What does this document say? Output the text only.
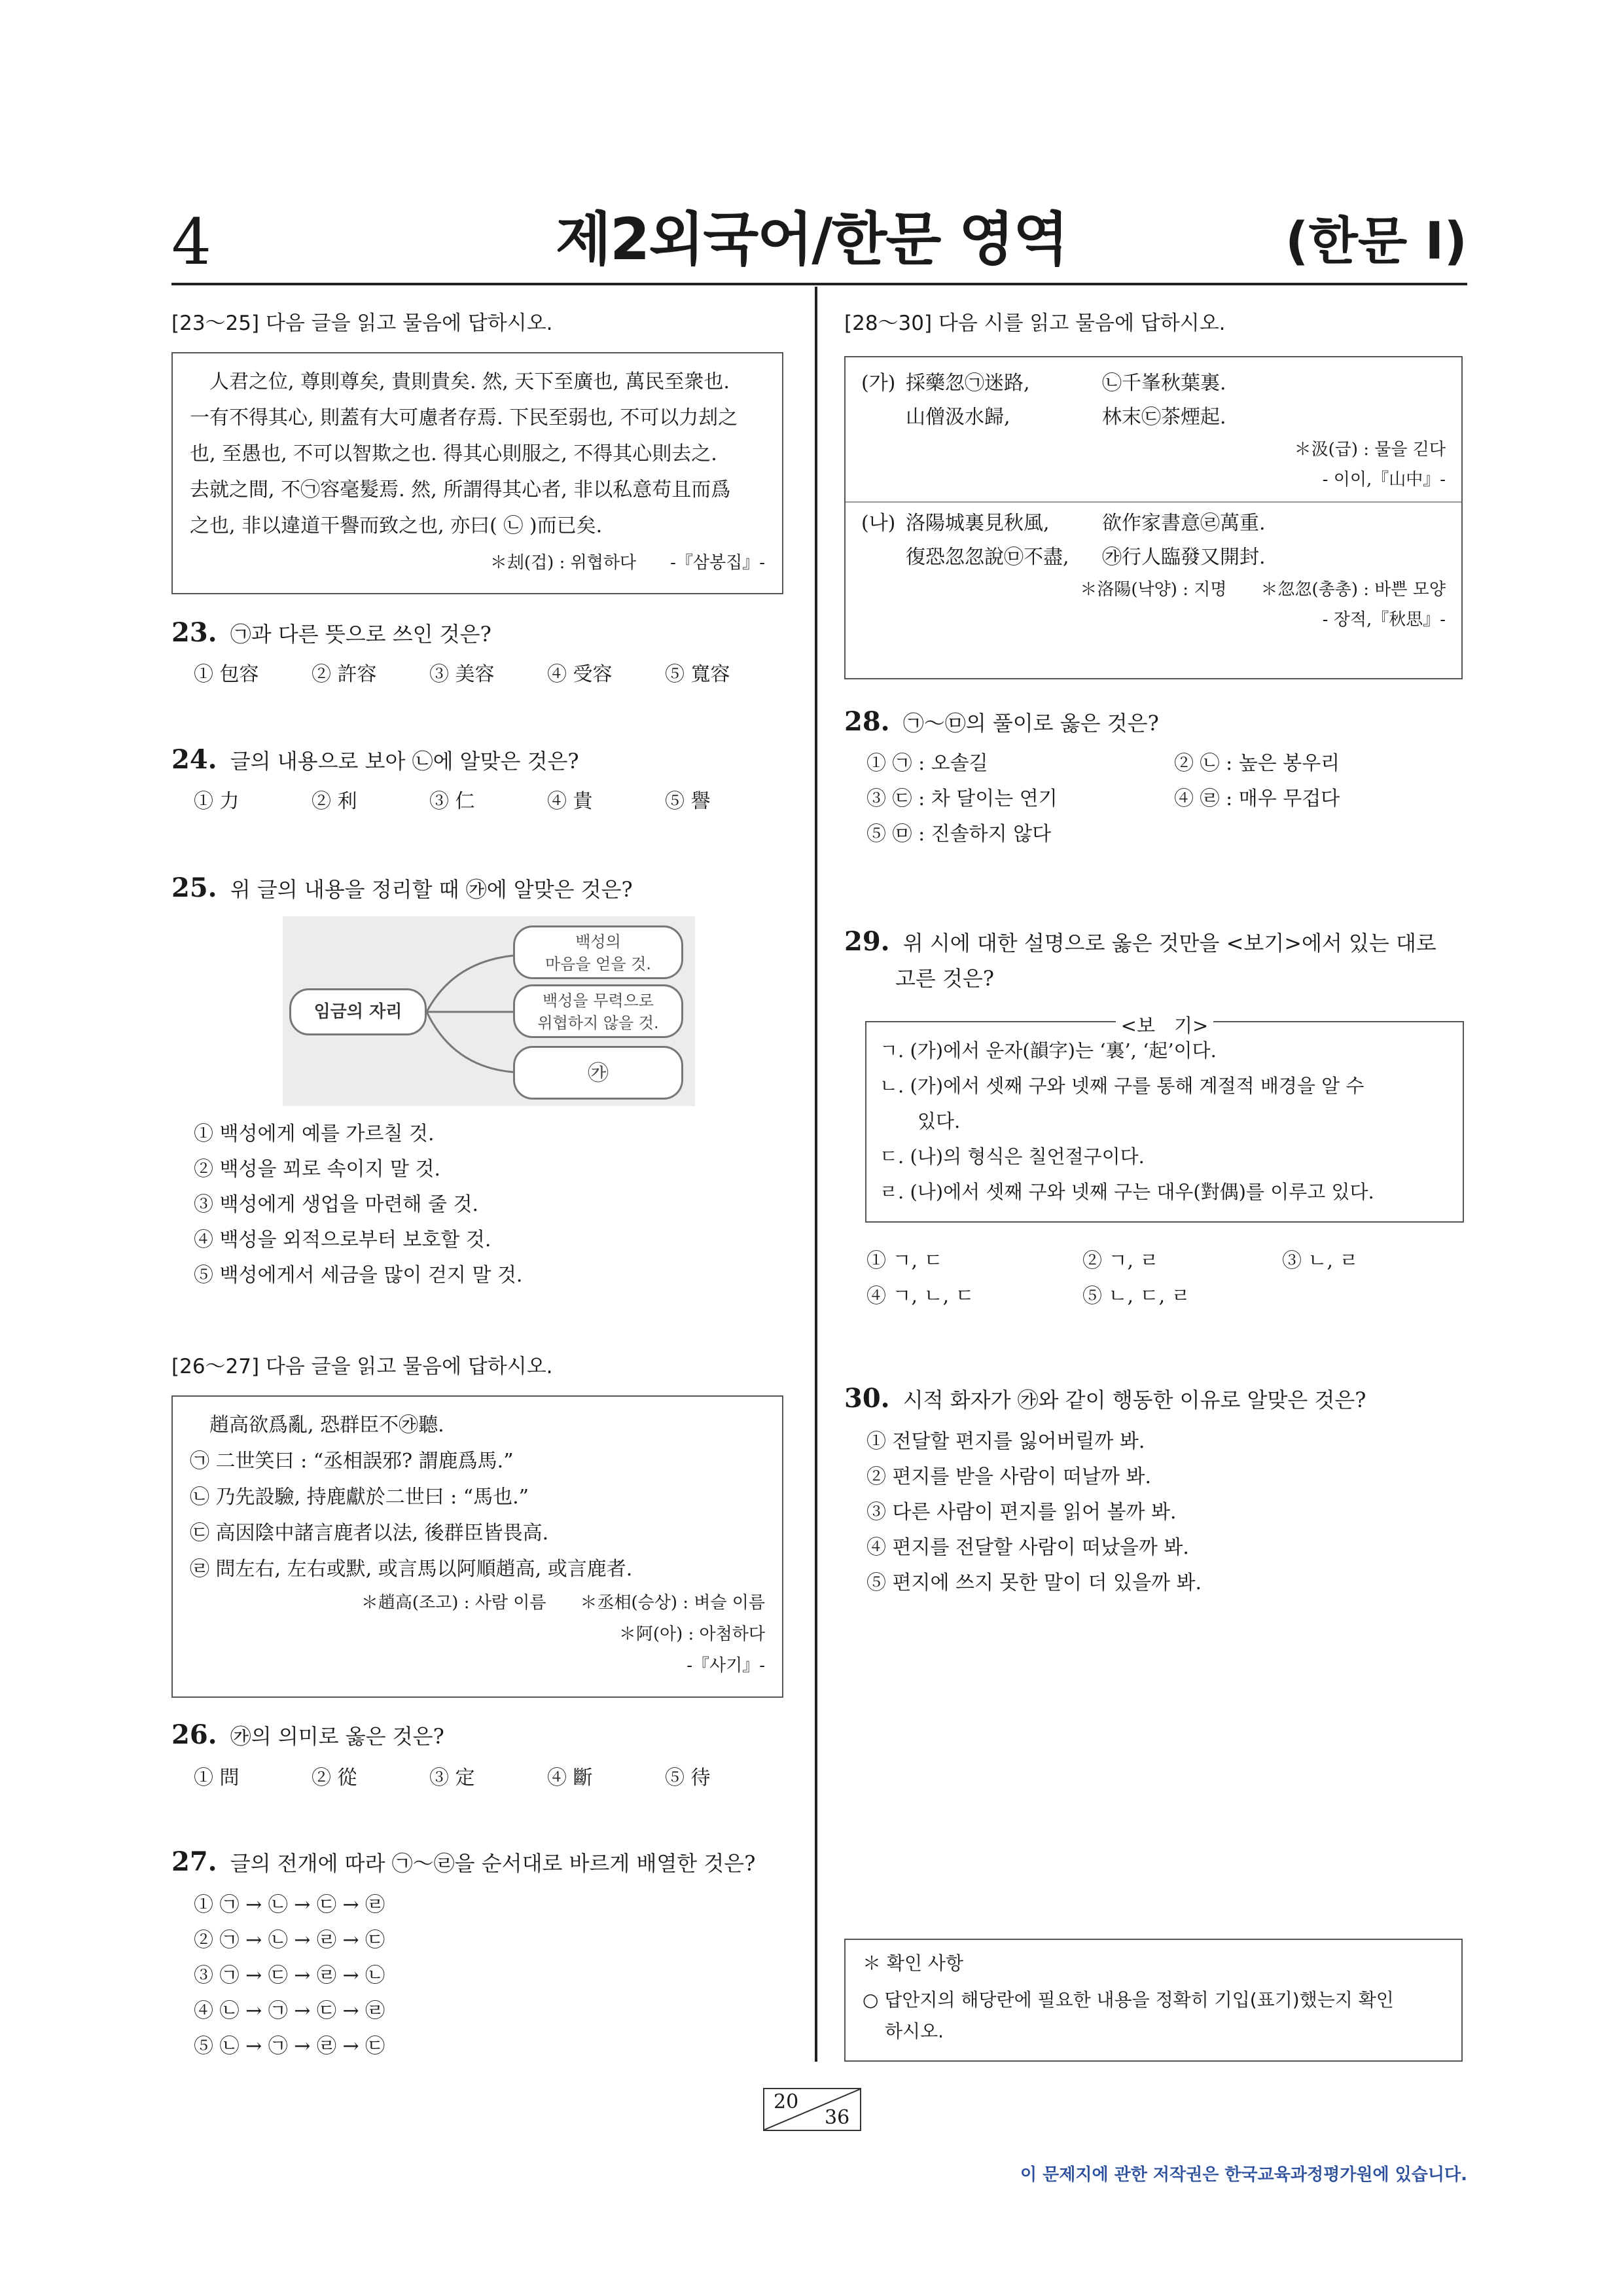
4	제2외국어/한문 영역	(한문 I)
[23～25] 다음 글을 읽고 물음에 답하시오.
　人君之位, 尊則尊矣, 貴則貴矣. 然, 天下至廣也, 萬民至衆也.
一有不得其心, 則蓋有大可慮者存焉. 下民至弱也, 不可以力刦之
也, 至愚也, 不可以智欺之也. 得其心則服之, 不得其心則去之.
去就之間, 不㉠容毫髮焉. 然, 所謂得其心者, 非以私意苟且而爲
之也, 非以違道干譽而致之也, 亦曰( ㉡ )而已矣.
＊刦(겁) : 위협하다　　-『삼봉집』-
23. ㉠과 다른 뜻으로 쓰인 것은?
① 包容	② 許容	③ 美容	④ 受容	⑤ 寬容
24. 글의 내용으로 보아 ㉡에 알맞은 것은?
① 力	② 利	③ 仁	④ 貴	⑤ 譽
25. 위 글의 내용을 정리할 때 ㉮에 알맞은 것은?
임금의 자리
백성의
마음을 얻을 것.
백성을 무력으로
위협하지 않을 것.
㉮
① 백성에게 예를 가르칠 것.
② 백성을 꾀로 속이지 말 것.
③ 백성에게 생업을 마련해 줄 것.
④ 백성을 외적으로부터 보호할 것.
⑤ 백성에게서 세금을 많이 걷지 말 것.
[26～27] 다음 글을 읽고 물음에 답하시오.
　趙高欲爲亂, 恐群臣不㉮聽.
㉠ 二世笑曰 : “丞相誤邪? 謂鹿爲馬.”
㉡ 乃先設驗, 持鹿獻於二世曰 : “馬也.”
㉢ 高因陰中諸言鹿者以法, 後群臣皆畏高.
㉣ 問左右, 左右或默, 或言馬以阿順趙高, 或言鹿者.
＊趙高(조고) : 사람 이름　　＊丞相(승상) : 벼슬 이름
＊阿(아) : 아첨하다
-『사기』-
26. ㉮의 의미로 옳은 것은?
① 問	② 從	③ 定	④ 斷	⑤ 待
27. 글의 전개에 따라 ㉠～㉣을 순서대로 바르게 배열한 것은?
① ㉠ → ㉡ → ㉢ → ㉣
② ㉠ → ㉡ → ㉣ → ㉢
③ ㉠ → ㉢ → ㉣ → ㉡
④ ㉡ → ㉠ → ㉢ → ㉣
⑤ ㉡ → ㉠ → ㉣ → ㉢
[28～30] 다음 시를 읽고 물음에 답하시오.
(가) 採藥忽㉠迷路,	㉡千峯秋葉裏.
山僧汲水歸,	林末㉢茶煙起.
＊汲(급) : 물을 긷다
- 이이,『山中』-
(나) 洛陽城裏見秋風,	欲作家書意㉣萬重.
復恐忽忽說㉤不盡,	㉮行人臨發又開封.
＊洛陽(낙양) : 지명　　＊忽忽(총총) : 바쁜 모양
- 장적,『秋思』-
28. ㉠～㉤의 풀이로 옳은 것은?
① ㉠ : 오솔길	② ㉡ : 높은 봉우리
③ ㉢ : 차 달이는 연기	④ ㉣ : 매우 무겁다
⑤ ㉤ : 진솔하지 않다
29. 위 시에 대한 설명으로 옳은 것만을 <보기>에서 있는 대로
고른 것은?
<보　기>
ㄱ. (가)에서 운자(韻字)는 ‘裏’, ‘起’이다.
ㄴ. (가)에서 셋째 구와 넷째 구를 통해 계절적 배경을 알 수
　　있다.
ㄷ. (나)의 형식은 칠언절구이다.
ㄹ. (나)에서 셋째 구와 넷째 구는 대우(對偶)를 이루고 있다.
① ㄱ, ㄷ	② ㄱ, ㄹ	③ ㄴ, ㄹ
④ ㄱ, ㄴ, ㄷ	⑤ ㄴ, ㄷ, ㄹ
30. 시적 화자가 ㉮와 같이 행동한 이유로 알맞은 것은?
① 전달할 편지를 잃어버릴까 봐.
② 편지를 받을 사람이 떠날까 봐.
③ 다른 사람이 편지를 읽어 볼까 봐.
④ 편지를 전달할 사람이 떠났을까 봐.
⑤ 편지에 쓰지 못한 말이 더 있을까 봐.
＊ 확인 사항
○ 답안지의 해당란에 필요한 내용을 정확히 기입(표기)했는지 확인
하시오.
20
36
이 문제지에 관한 저작권은 한국교육과정평가원에 있습니다.
